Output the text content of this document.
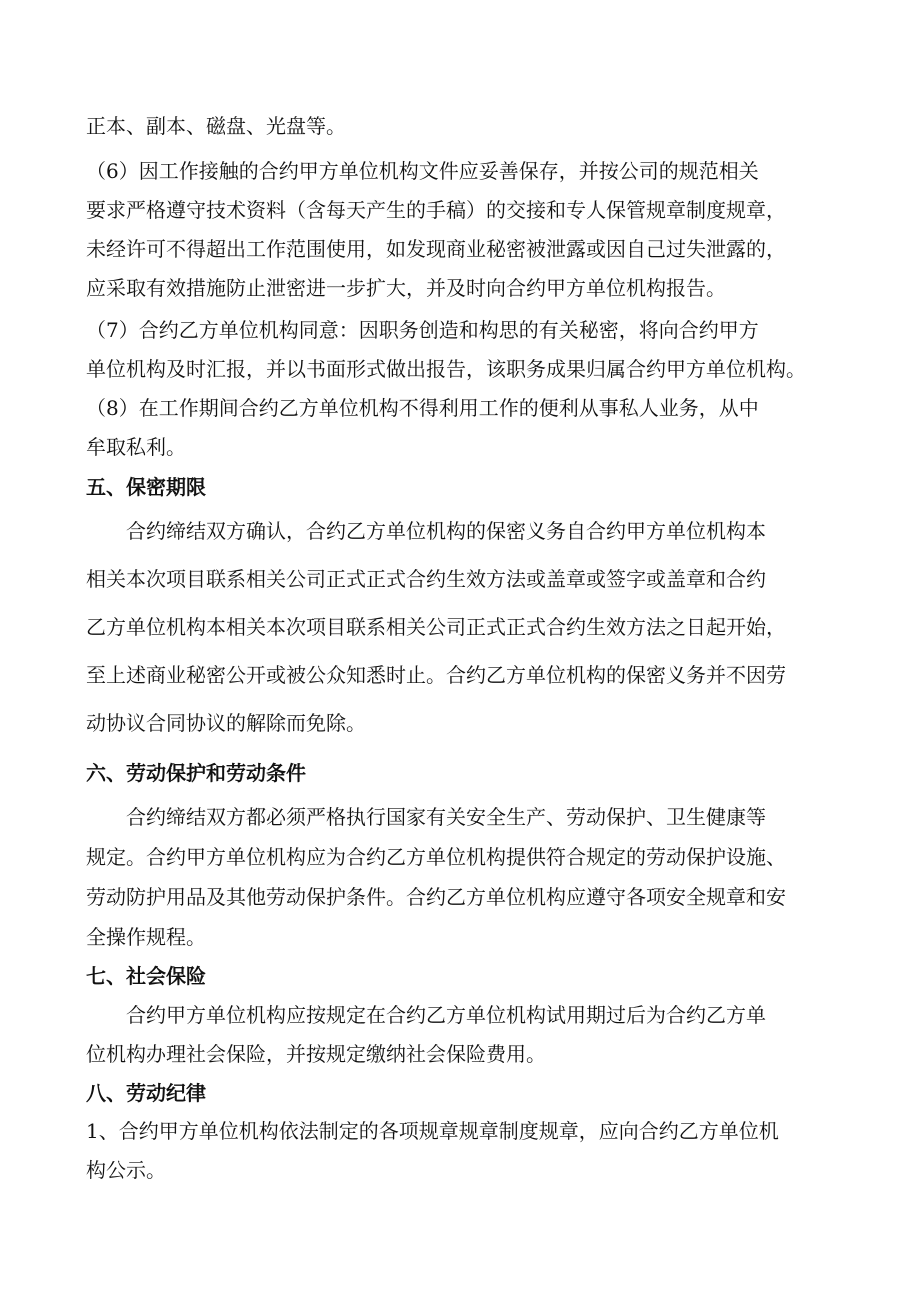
正本、副本、磁盘、光盘等。
（6）因工作接触的合约甲方单位机构文件应妥善保存，并按公司的规范相关
要求严格遵守技术资料（含每天产生的手稿）的交接和专人保管规章制度规章，
未经许可不得超出工作范围使用，如发现商业秘密被泄露或因自己过失泄露的，
应采取有效措施防止泄密进一步扩大，并及时向合约甲方单位机构报告。
（7）合约乙方单位机构同意：因职务创造和构思的有关秘密，将向合约甲方
单位机构及时汇报，并以书面形式做出报告，该职务成果归属合约甲方单位机构。
（8）在工作期间合约乙方单位机构不得利用工作的便利从事私人业务，从中
牟取私利。
五、保密期限
合约缔结双方确认，合约乙方单位机构的保密义务自合约甲方单位机构本
相关本次项目联系相关公司正式正式合约生效方法或盖章或签字或盖章和合约
乙方单位机构本相关本次项目联系相关公司正式正式合约生效方法之日起开始，
至上述商业秘密公开或被公众知悉时止。合约乙方单位机构的保密义务并不因劳
动协议合同协议的解除而免除。
六、劳动保护和劳动条件
合约缔结双方都必须严格执行国家有关安全生产、劳动保护、卫生健康等
规定。合约甲方单位机构应为合约乙方单位机构提供符合规定的劳动保护设施、
劳动防护用品及其他劳动保护条件。合约乙方单位机构应遵守各项安全规章和安
全操作规程。
七、社会保险
合约甲方单位机构应按规定在合约乙方单位机构试用期过后为合约乙方单
位机构办理社会保险，并按规定缴纳社会保险费用。
八、劳动纪律
1、合约甲方单位机构依法制定的各项规章规章制度规章，应向合约乙方单位机
构公示。
